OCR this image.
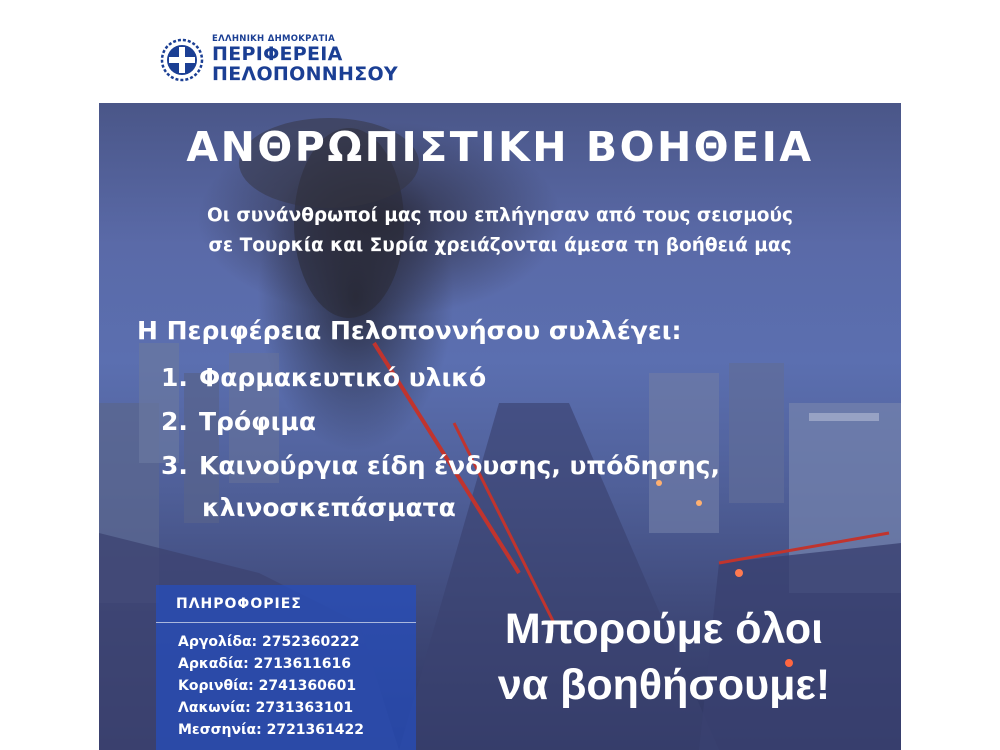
ΕΛΛΗΝΙΚΗ ΔΗΜΟΚΡΑΤΙΑ
ΠΕΡΙΦΕΡΕΙΑ
ΠΕΛΟΠΟΝΝΗΣΟΥ
ΑΝΘΡΩΠΙΣΤΙΚΗ ΒΟΗΘΕΙΑ
Οι συνάνθρωποί μας που επλήγησαν από τους σεισμούς
σε Τουρκία και Συρία χρειάζονται άμεσα τη βοήθειά μας
Η Περιφέρεια Πελοποννήσου συλλέγει:
1. Φαρμακευτικό υλικό
2. Τρόφιμα
3. Καινούργια είδη ένδυσης, υπόδησης,
κλινοσκεπάσματα
ΠΛΗΡΟΦΟΡΙΕΣ
Αργολίδα: 2752360222
Αρκαδία: 2713611616
Κορινθία: 2741360601
Λακωνία: 2731363101
Μεσσηνία: 2721361422
Μπορούμε όλοι
να βοηθήσουμε!
